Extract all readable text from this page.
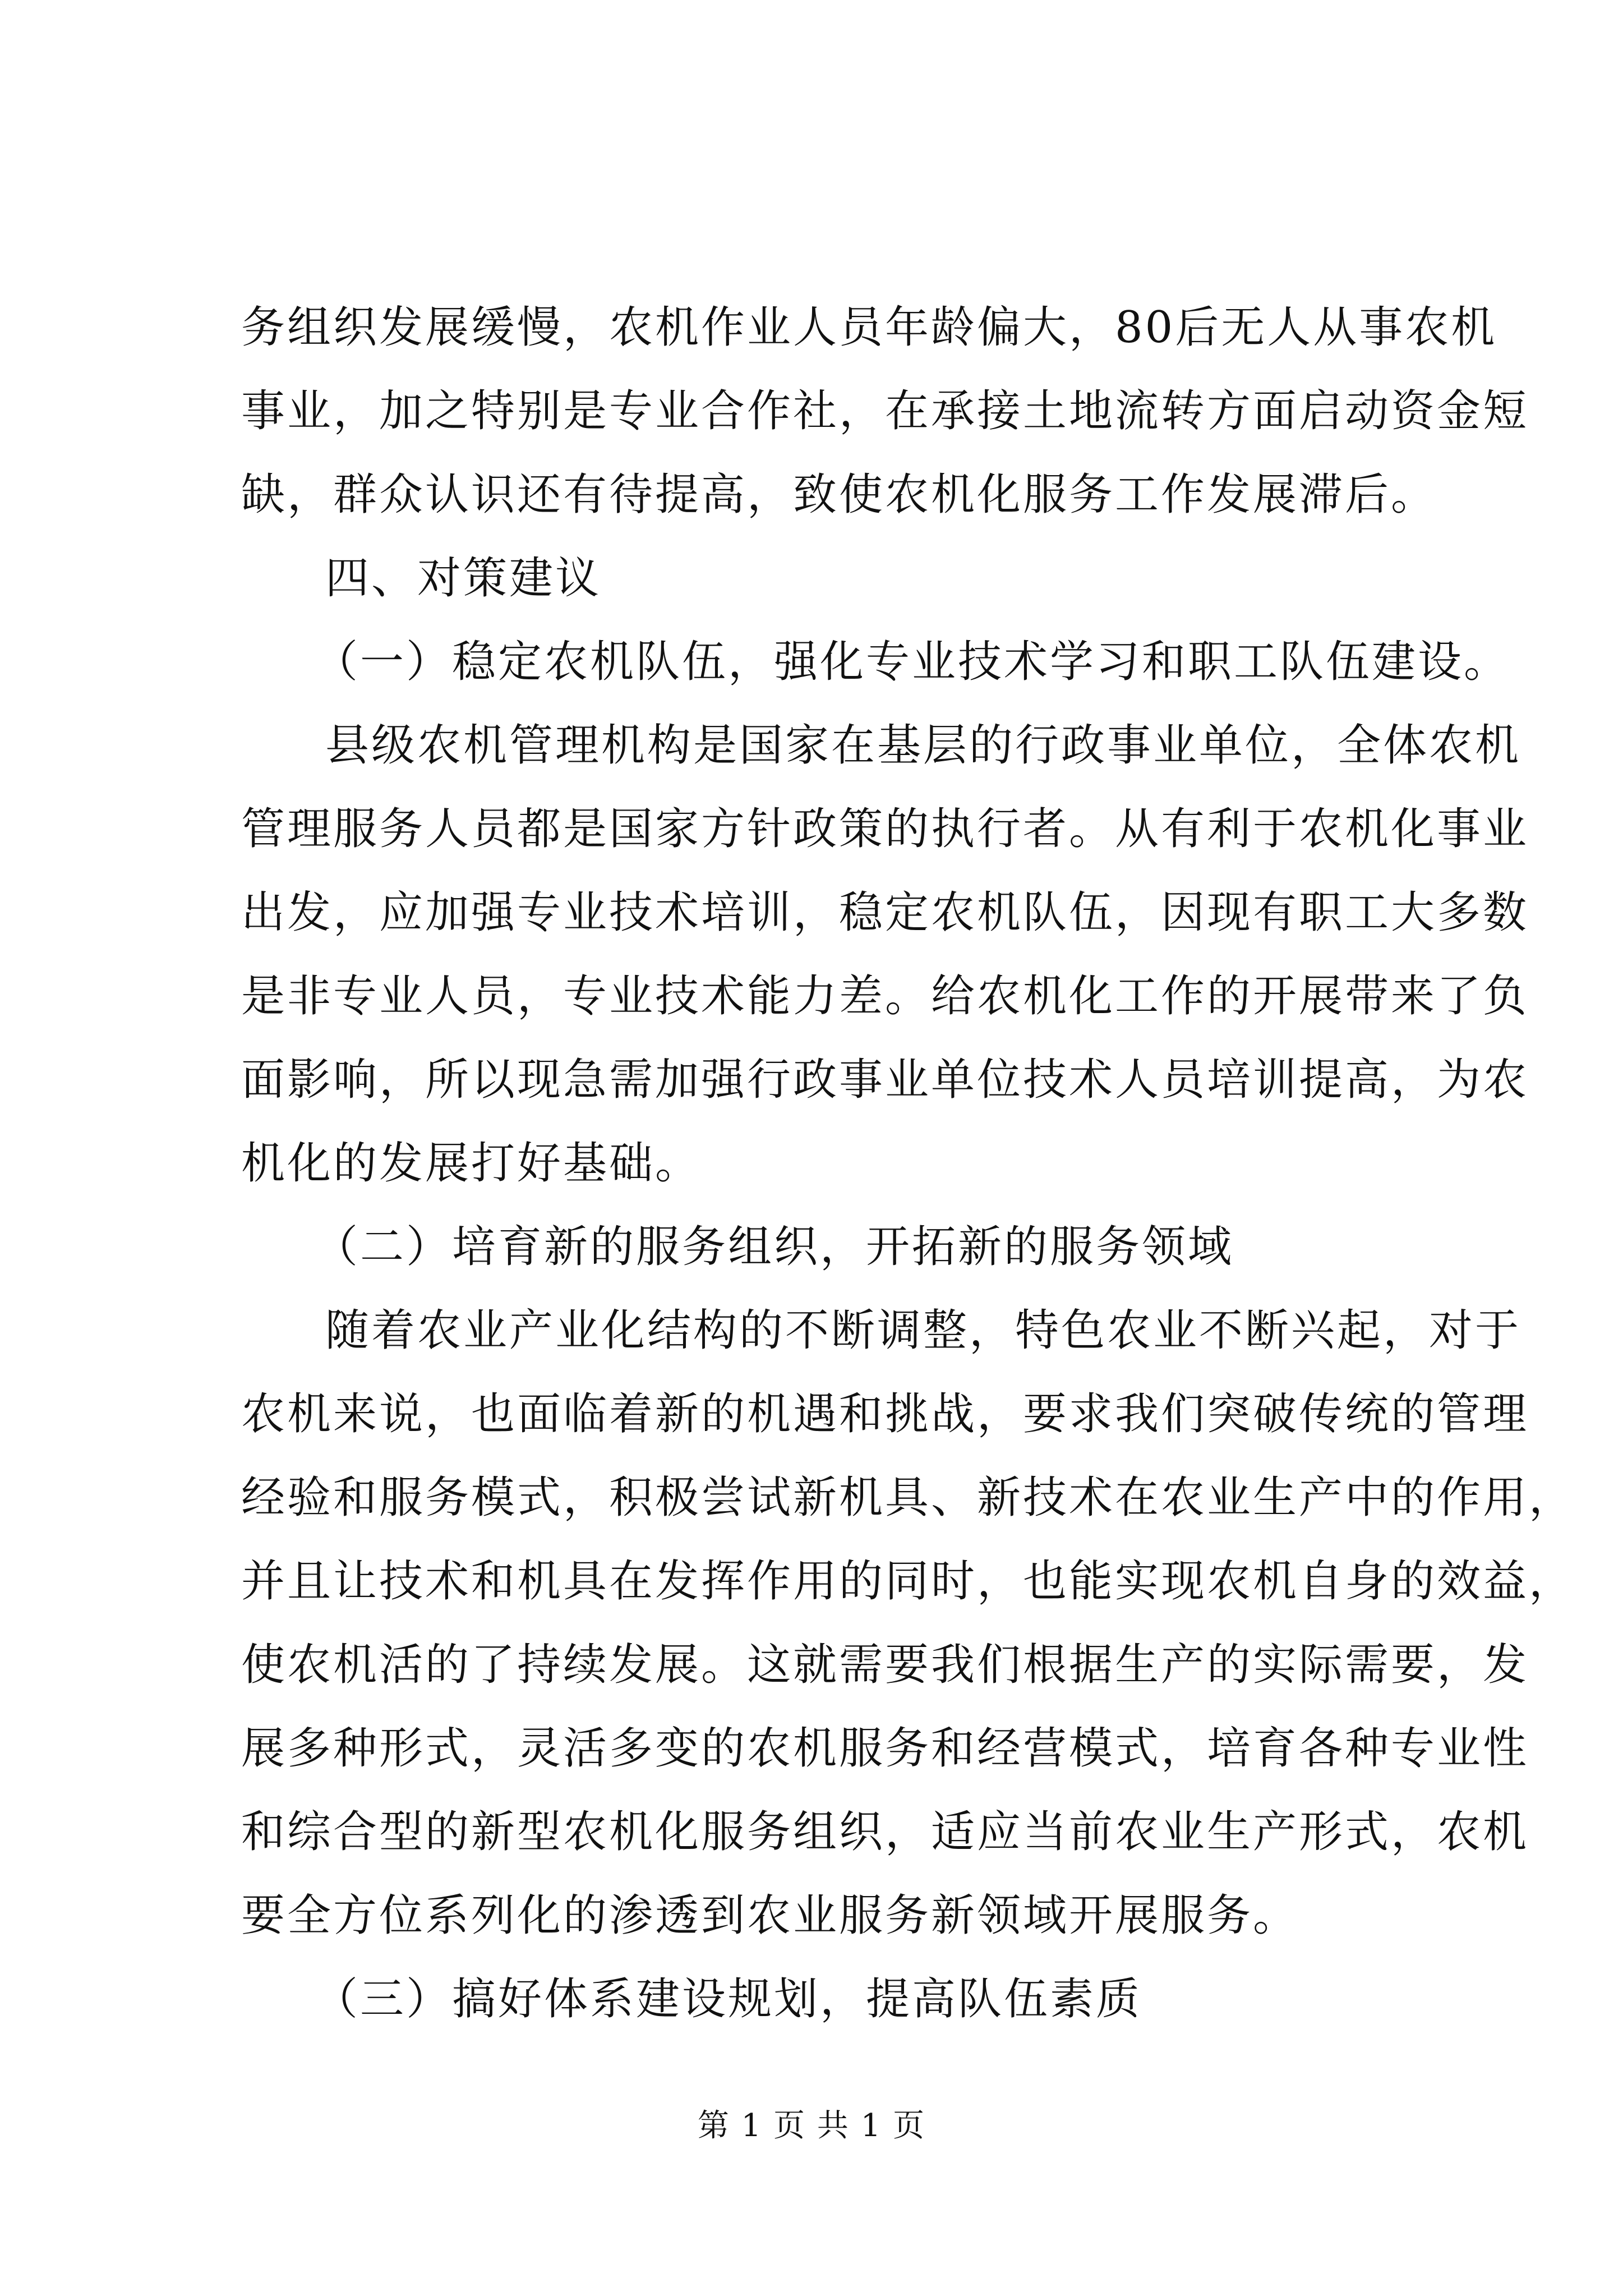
务组织发展缓慢，农机作业人员年龄偏大，80后无人从事农机
事业，加之特别是专业合作社，在承接土地流转方面启动资金短
缺，群众认识还有待提高，致使农机化服务工作发展滞后。
四、对策建议
（一）稳定农机队伍，强化专业技术学习和职工队伍建设。
县级农机管理机构是国家在基层的行政事业单位，全体农机
管理服务人员都是国家方针政策的执行者。从有利于农机化事业
出发，应加强专业技术培训，稳定农机队伍，因现有职工大多数
是非专业人员，专业技术能力差。给农机化工作的开展带来了负
面影响，所以现急需加强行政事业单位技术人员培训提高，为农
机化的发展打好基础。
（二）培育新的服务组织，开拓新的服务领域
随着农业产业化结构的不断调整，特色农业不断兴起，对于
农机来说，也面临着新的机遇和挑战，要求我们突破传统的管理
经验和服务模式，积极尝试新机具、新技术在农业生产中的作用，
并且让技术和机具在发挥作用的同时，也能实现农机自身的效益，
使农机活的了持续发展。这就需要我们根据生产的实际需要，发
展多种形式，灵活多变的农机服务和经营模式，培育各种专业性
和综合型的新型农机化服务组织，适应当前农业生产形式，农机
要全方位系列化的渗透到农业服务新领域开展服务。
（三）搞好体系建设规划，提高队伍素质
第 1 页 共 1 页
